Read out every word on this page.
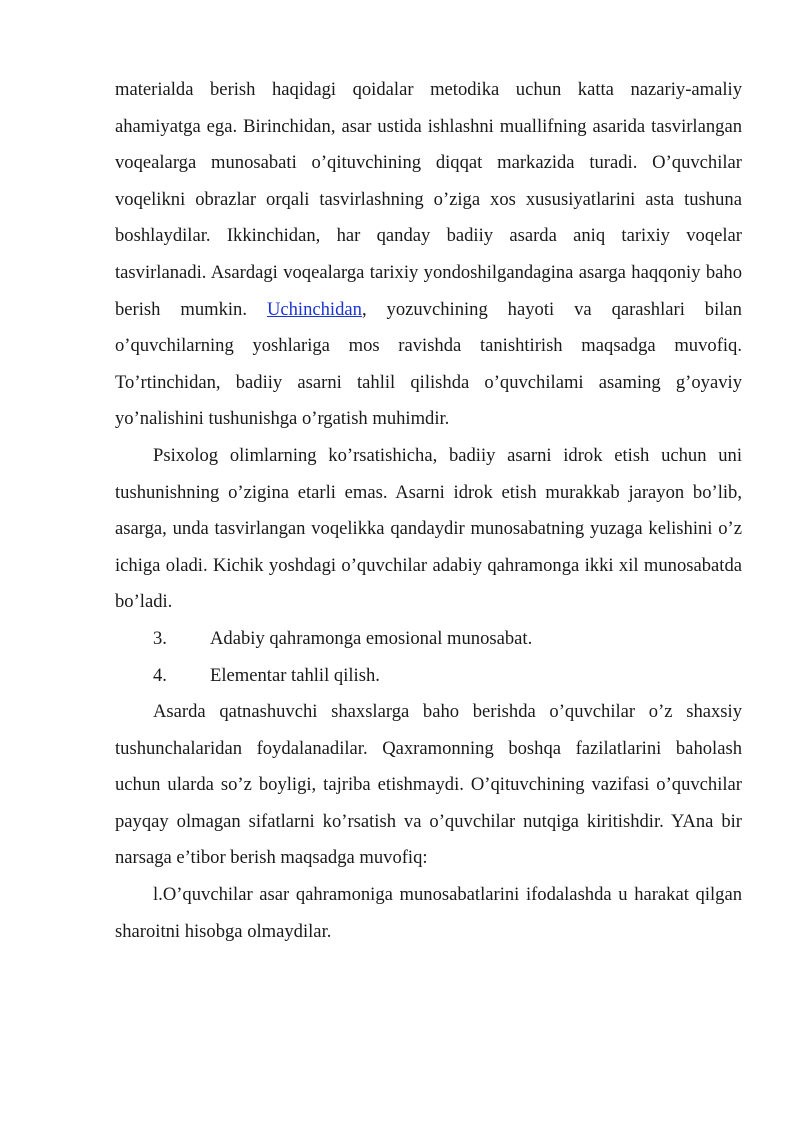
materialda berish haqidagi qoidalar metodika uchun katta nazariy-amaliy ahamiyatga ega. Birinchidan, asar ustida ishlashni muallifning asarida tasvirlangan voqealarga munosabati o’qituvchining diqqat markazida turadi. O’quvchilar voqelikni obrazlar orqali tasvirlashning o’ziga xos xususiyatlarini asta tushuna boshlaydilar. Ikkinchidan, har qanday badiiy asarda aniq tarixiy voqelar tasvirlanadi. Asardagi voqealarga tarixiy yondoshilgandagina asarga haqqoniy baho berish mumkin. Uchinchidan, yozuvchining hayoti va qarashlari bilan o’quvchilarning yoshlariga mos ravishda tanishtirish maqsadga muvofiq. To’rtinchidan, badiiy asarni tahlil qilishda o’quvchilami asaming g’oyaviy yo’nalishini tushunishga o’rgatish muhimdir.

Psixolog olimlarning ko’rsatishicha, badiiy asarni idrok etish uchun uni tushunishning o’zigina etarli emas. Asarni idrok etish murakkab jarayon bo’lib, asarga, unda tasvirlangan voqelikka qandaydir munosabatning yuzaga kelishini o’z ichiga oladi. Kichik yoshdagi o’quvchilar adabiy qahramonga ikki xil munosabatda bo’ladi.

3.	Adabiy qahramonga emosional munosabat.
4.	Elementar tahlil qilish.

Asarda qatnashuvchi shaxslarga baho berishda o’quvchilar o’z shaxsiy tushunchalaridan foydalanadilar. Qaxramonning boshqa fazilatlarini baholash uchun ularda so’z boyligi, tajriba etishmaydi. O’qituvchining vazifasi o’quvchilar payqay olmagan sifatlarni ko’rsatish va o’quvchilar nutqiga kiritishdir. YAna bir narsaga e’tibor berish maqsadga muvofiq:

l.O’quvchilar asar qahramoniga munosabatlarini ifodalashda u harakat qilgan sharoitni hisobga olmaydilar.
